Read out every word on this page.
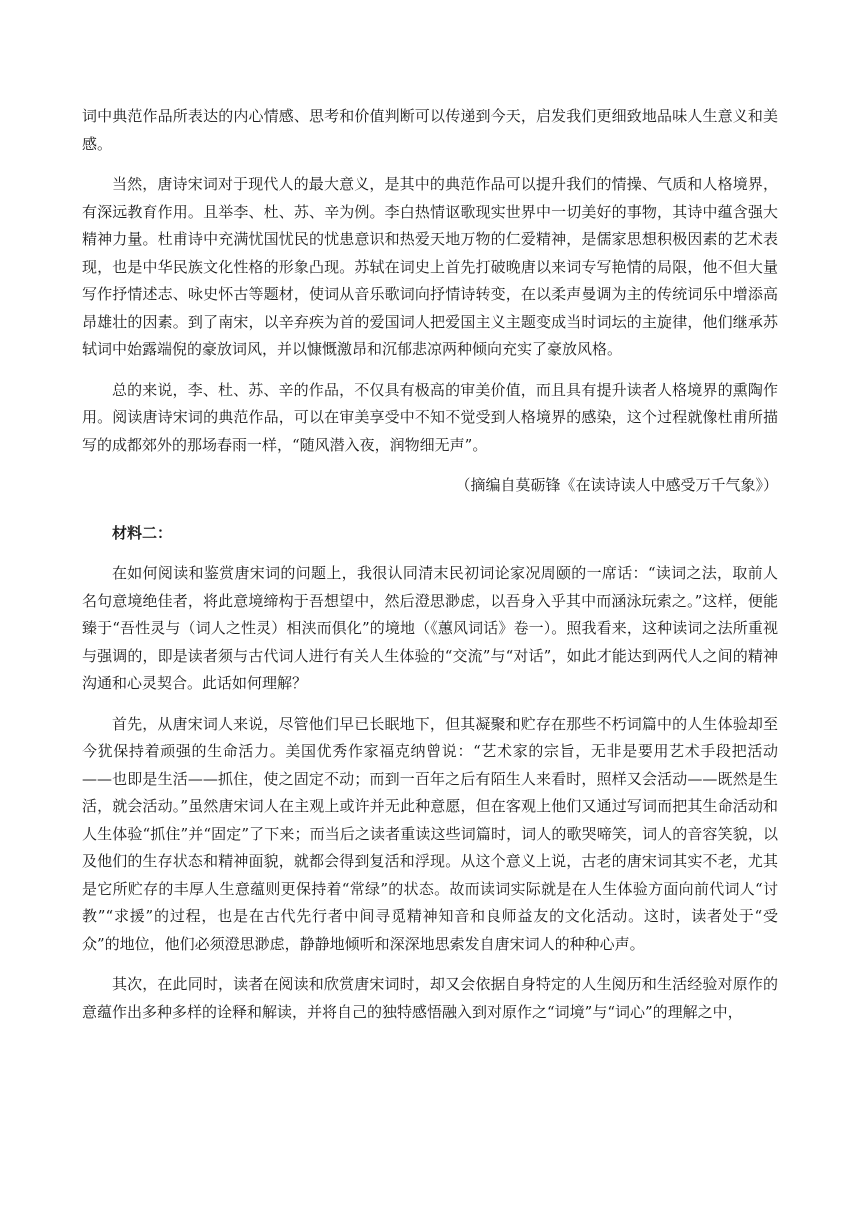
词中典范作品所表达的内心情感、思考和价值判断可以传递到今天，启发我们更细致地品味人生意义和美感。

当然，唐诗宋词对于现代人的最大意义，是其中的典范作品可以提升我们的情操、气质和人格境界，有深远教育作用。且举李、杜、苏、辛为例。李白热情讴歌现实世界中一切美好的事物，其诗中蕴含强大精神力量。杜甫诗中充满忧国忧民的忧患意识和热爱天地万物的仁爱精神，是儒家思想积极因素的艺术表现，也是中华民族文化性格的形象凸现。苏轼在词史上首先打破晚唐以来词专写艳情的局限，他不但大量写作抒情述志、咏史怀古等题材，使词从音乐歌词向抒情诗转变，在以柔声曼调为主的传统词乐中增添高昂雄壮的因素。到了南宋，以辛弃疾为首的爱国词人把爱国主义主题变成当时词坛的主旋律，他们继承苏轼词中始露端倪的豪放词风，并以慷慨激昂和沉郁悲凉两种倾向充实了豪放风格。

总的来说，李、杜、苏、辛的作品，不仅具有极高的审美价值，而且具有提升读者人格境界的熏陶作用。阅读唐诗宋词的典范作品，可以在审美享受中不知不觉受到人格境界的感染，这个过程就像杜甫所描写的成都郊外的那场春雨一样，“随风潜入夜，润物细无声”。

（摘编自莫砺锋《在读诗读人中感受万千气象》）

材料二：

在如何阅读和鉴赏唐宋词的问题上，我很认同清末民初词论家况周颐的一席话：“读词之法，取前人名句意境绝佳者，将此意境缔构于吾想望中，然后澄思渺虑，以吾身入乎其中而涵泳玩索之。”这样，便能臻于“吾性灵与（词人之性灵）相浃而俱化”的境地（《蕙风词话》卷一）。照我看来，这种读词之法所重视与强调的，即是读者须与古代词人进行有关人生体验的“交流”与“对话”，如此才能达到两代人之间的精神沟通和心灵契合。此话如何理解？

首先，从唐宋词人来说，尽管他们早已长眠地下，但其凝聚和贮存在那些不朽词篇中的人生体验却至今犹保持着顽强的生命活力。美国优秀作家福克纳曾说：“艺术家的宗旨，无非是要用艺术手段把活动——也即是生活——抓住，使之固定不动；而到一百年之后有陌生人来看时，照样又会活动——既然是生活，就会活动。”虽然唐宋词人在主观上或许并无此种意愿，但在客观上他们又通过写词而把其生命活动和人生体验“抓住”并“固定”了下来；而当后之读者重读这些词篇时，词人的歌哭啼笑，词人的音容笑貌，以及他们的生存状态和精神面貌，就都会得到复活和浮现。从这个意义上说，古老的唐宋词其实不老，尤其是它所贮存的丰厚人生意蕴则更保持着“常绿”的状态。故而读词实际就是在人生体验方面向前代词人“讨教”“求援”的过程，也是在古代先行者中间寻觅精神知音和良师益友的文化活动。这时，读者处于“受众”的地位，他们必须澄思渺虑，静静地倾听和深深地思索发自唐宋词人的种种心声。

其次，在此同时，读者在阅读和欣赏唐宋词时，却又会依据自身特定的人生阅历和生活经验对原作的意蕴作出多种多样的诠释和解读，并将自己的独特感悟融入到对原作之“词境”与“词心”的理解之中，
